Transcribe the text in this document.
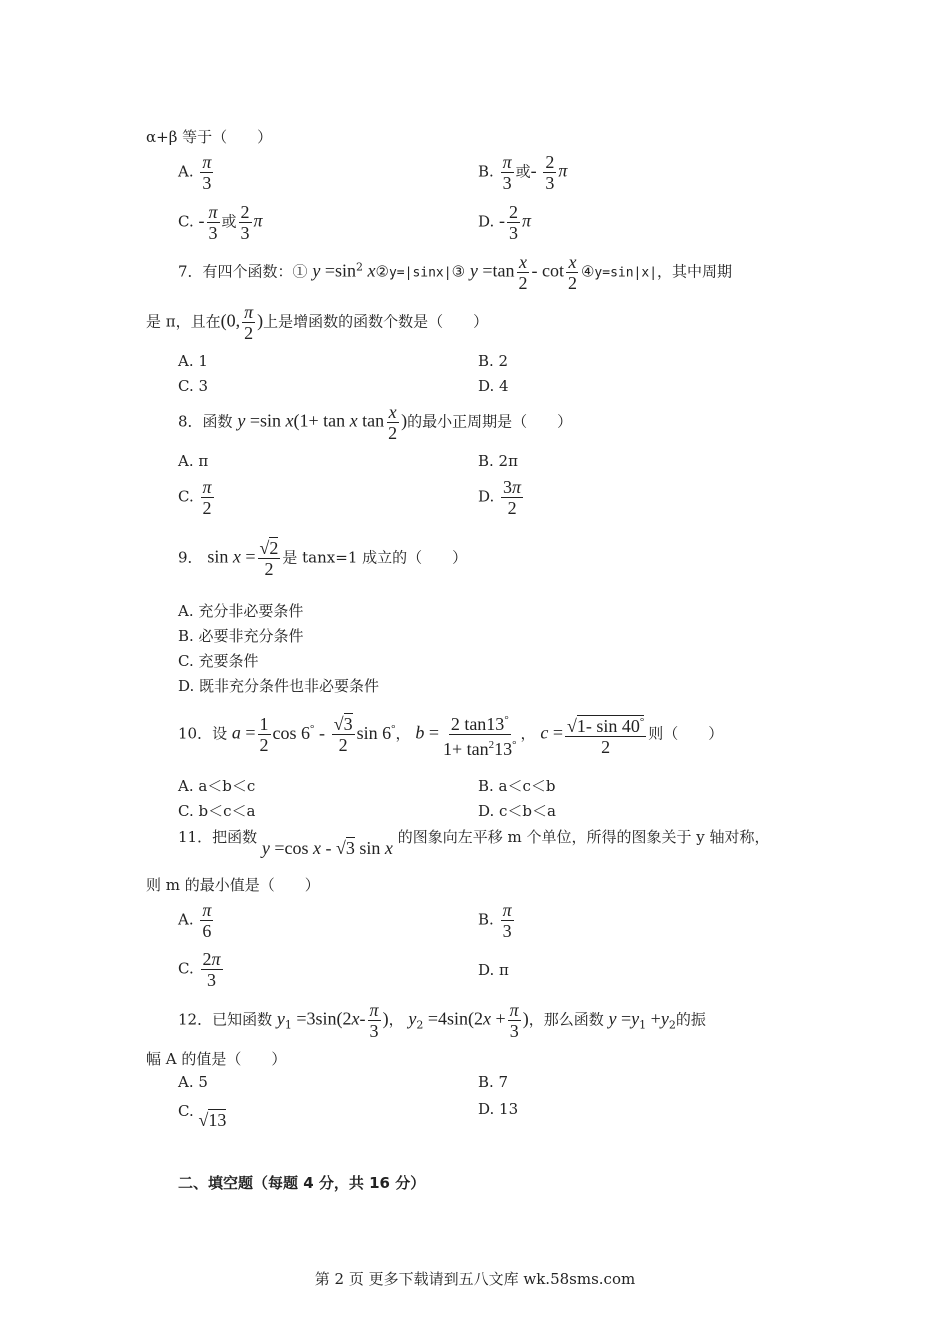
α+β 等于（　　）
A. $\frac{\pi}{3}$	B. $\frac{\pi}{3}$ 或- $\frac{2}{3}$ π
C. - $\frac{\pi}{3}$ 或 $\frac{2}{3}$ π	D. - $\frac{2}{3}$ π
7．有四个函数：① $y =\sin^2$ x②y=|sinx|③ $y =\tan \frac{x}{2} - \cot \frac{x}{2}$ ④y=sin|x|，其中周期
是 π，且在(0, $\frac{\pi}{2}$ )上是增函数的函数个数是（　　）
A. 1	B. 2
C. 3	D. 4
8．函数 y =sin x(1+ tan x $\tan \frac{x}{2}$ )的最小正周期是（　　）
A. π	B. 2π
C. $\frac{\pi}{2}$	D. $\frac{3\pi}{2}$
9． $\sin x = \frac{√2}{2}$ 是 tanx=1 成立的（　　）
A. 充分非必要条件
B. 必要非充分条件
C. 充要条件
D. 既非充分条件也非必要条件
10．设 $a = \frac{1}{2}$ $\cos 6^\circ - \frac{√3}{2}$ sin 6°， $b = \frac{2 \tan 13^\circ}{1+ \tan^213^\circ}$ ， $c = \frac{√1- \sin 40^\circ}{2}$ 则（　　）
A. a＜b＜c	B. a＜c＜b
C. b＜c＜a	D. c＜b＜a
11．把函数 y =cos x - √3 sin x 的图象向左平移 m 个单位，所得的图象关于 y 轴对称，
则 m 的最小值是（　　）
A. $\frac{\pi}{6}$	B. $\frac{\pi}{3}$
C. $\frac{2\pi}{3}$	D. π
12．已知函数 $y_1 =3\sin(2x- \frac{\pi}{3}$ )， $y_2 =4\sin(2x + \frac{\pi}{3}$ )，那么函数 $y =y_1 +y_2$的振
幅 A 的值是（　　）
A. 5	B. 7
C. √13
D. 13
二、填空题（每题 4 分，共 16 分）
第 2 页 更多下载请到五八文库 wk.58sms.com
